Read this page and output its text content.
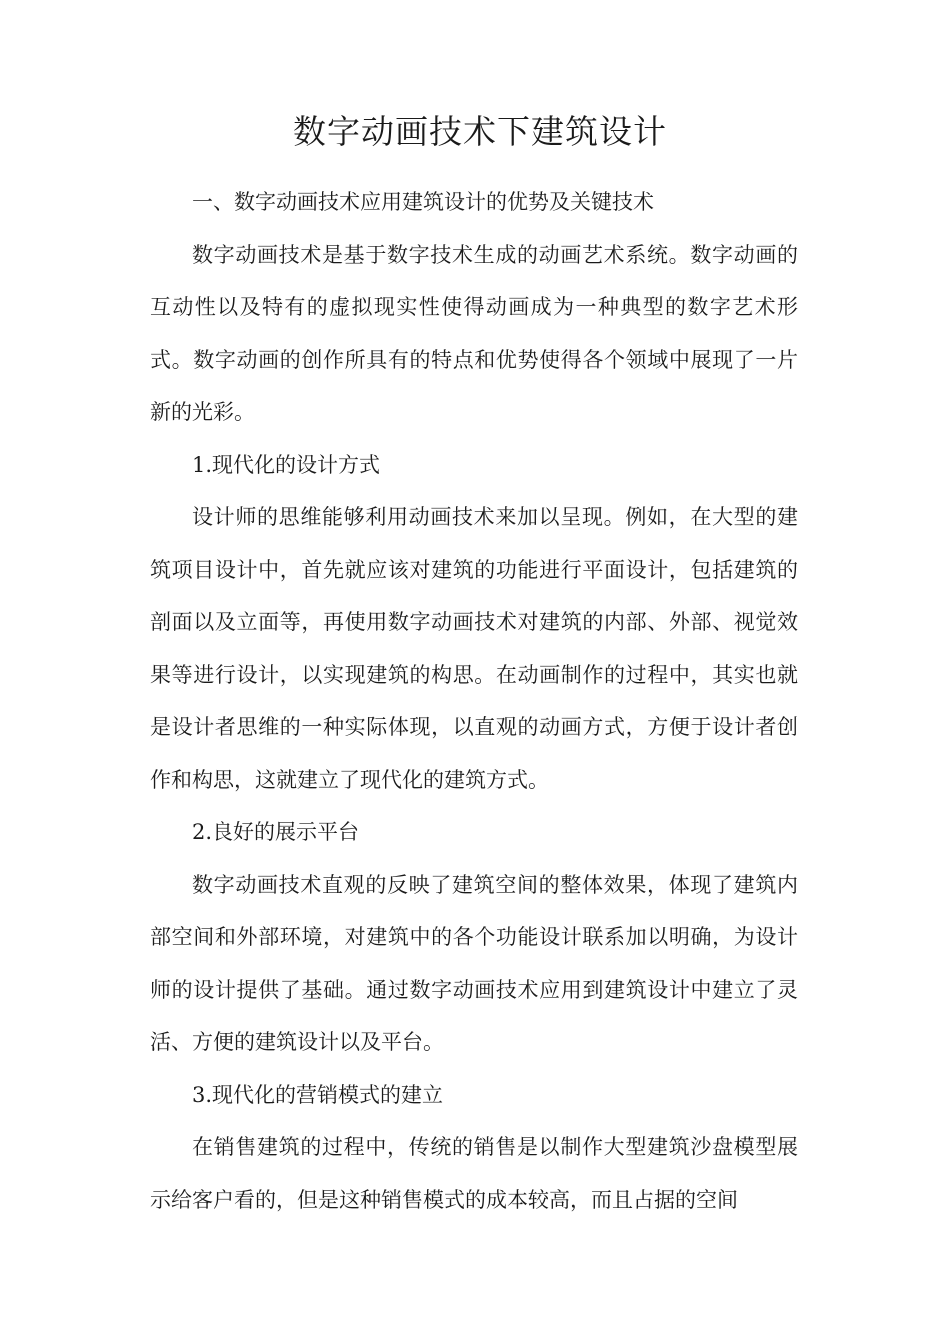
数字动画技术下建筑设计

一、数字动画技术应用建筑设计的优势及关键技术

数字动画技术是基于数字技术生成的动画艺术系统。数字动画的互动性以及特有的虚拟现实性使得动画成为一种典型的数字艺术形式。数字动画的创作所具有的特点和优势使得各个领域中展现了一片新的光彩。

1.现代化的设计方式

设计师的思维能够利用动画技术来加以呈现。例如，在大型的建筑项目设计中，首先就应该对建筑的功能进行平面设计，包括建筑的剖面以及立面等，再使用数字动画技术对建筑的内部、外部、视觉效果等进行设计，以实现建筑的构思。在动画制作的过程中，其实也就是设计者思维的一种实际体现，以直观的动画方式，方便于设计者创作和构思，这就建立了现代化的建筑方式。

2.良好的展示平台

数字动画技术直观的反映了建筑空间的整体效果，体现了建筑内部空间和外部环境，对建筑中的各个功能设计联系加以明确，为设计师的设计提供了基础。通过数字动画技术应用到建筑设计中建立了灵活、方便的建筑设计以及平台。

3.现代化的营销模式的建立

在销售建筑的过程中，传统的销售是以制作大型建筑沙盘模型展示给客户看的，但是这种销售模式的成本较高，而且占据的空间
